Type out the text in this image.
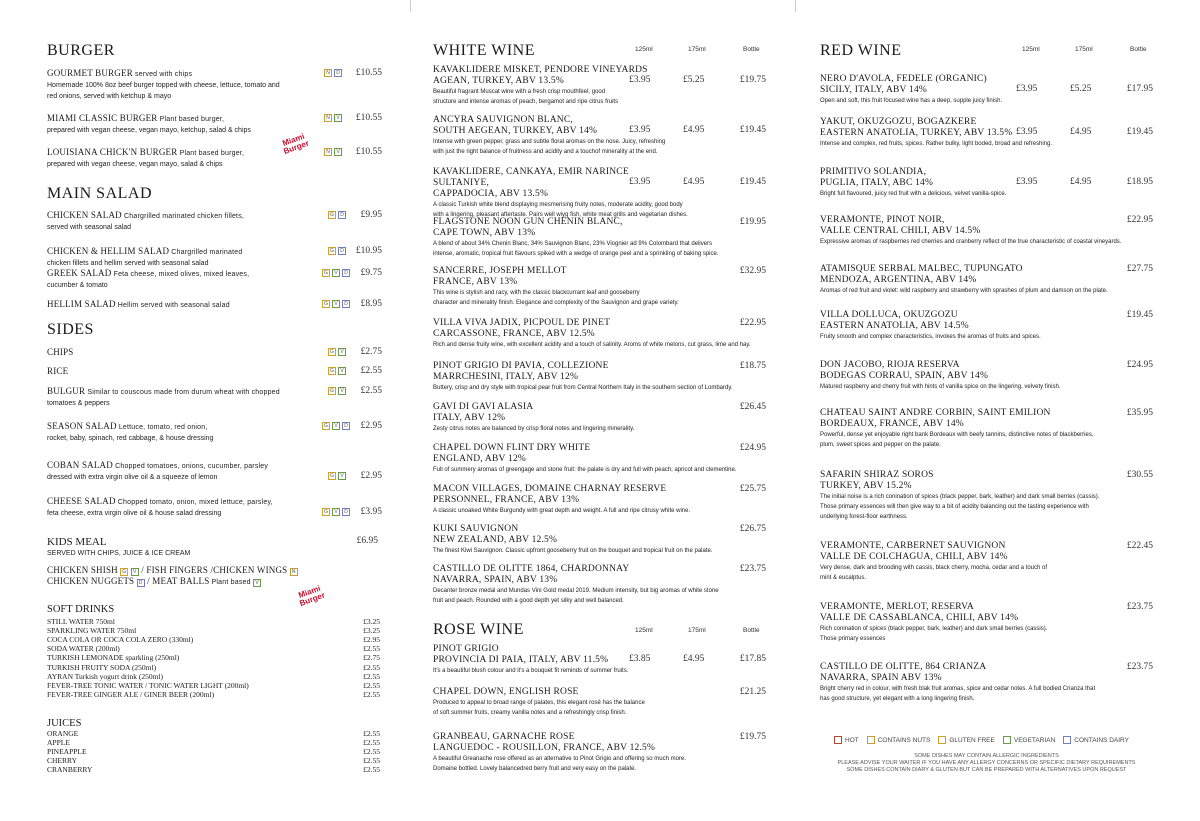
BURGER
GOURMET BURGER served with chips
Homemade 100% 8oz beef burger topped with cheese, lettuce, tomato and red onions, served with ketchup & mayo
N	D £10.55
MIAMI CLASSIC BURGER Plant based burger,
prepared with vegan cheese, vegan mayo, ketchup, salad & chips
N	V £10.55
LOUISIANA CHICK'N BURGER Plant based burger,
prepared with vegan cheese, vegan mayo, salad & chips
N	V £10.55
Miami Burger
MAIN SALAD
CHICKEN SALAD Chargrilled marinated chicken fillets,
served with seasonal salad
G	D £9.95
CHICKEN & HELLIM SALAD Chargrilled marinated
chicken fillets and hellim served with seasonal salad
G	D £10.95
GREEK SALAD Feta cheese, mixed olives, mixed leaves,
cucumber & tomato
G	V	D £9.75
HELLIM SALAD Hellim served with seasonal salad	G	V	D £8.95
SIDES
CHIPS	G	V £2.75
RICE	G	V £2.55
BULGUR Similar to couscous made from durum wheat with chopped
tomatoes & peppers
G	V £2.55
SEASON SALAD Lettuce, tomato, red onion,
rocket, baby, spinach, red cabbage, & house dressing
G	V	D £2.95
COBAN SALAD Chopped tomatoes, onions, cucumber, parsley
dressed with extra virgin olive oil & a squeeze of lemon	G	V £2.95
CHEESE SALAD Chopped tomato, onion, mixed lettuce, parsley,
feta cheese, extra virgin olive oil & house salad dressing	G	V	D £3.95
KIDS MEAL
SERVED WITH CHIPS, JUICE & ICE CREAM
£6.95
CHICKEN SHISH G V / FISH FINGERS /CHICKEN WINGS N
CHICKEN NUGGETS D / MEAT BALLS Plant based V
Miami Burger
SOFT DRINKS
STILL WATER 750ml	£3.25
SPARKLING WATER 750ml	£3.25
COCA COLA OR COCA COLA ZERO (330ml)	£2.95
SODA WATER (200ml)	£2.55
TURKISH LEMONADE sparkling (250ml)	£2.75
TURKISH FRUITY SODA (250ml)	£2.55
AYRAN Turkish yogurt drink (250ml)	£2.55
FEVER-TREE TONIC WATER / TONIC WATER LIGHT (200ml)	£2.55
FEVER-TREE GINGER ALE / GINER BEER (200ml)	£2.55
JUICES
ORANGE	£2.55
APPLE	£2.55
PINEAPPLE	£2.55
CHERRY	£2.55
CRANBERRY	£2.55
WHITE WINE	125ml	175ml	Bottle
KAVAKLIDERE MISKET, PENDORE VINEYARDS
AGEAN, TURKEY, ABV 13.5%
Beautiful fragrant Muscat wine with a fresh crisp mouthfeel, good
structure and intense aromas of peach, bergamot and ripe citrus fruits
£3.95	£5.25	£19.75
ANCYRA SAUVIGNON BLANC,
SOUTH AEGEAN, TURKEY, ABV 14%
Intense with green pepper, grass and subtle floral aromas on the nose. Juicy, refreshing
with just the right balance of fruitness and acidity and a touchof minerality at the end.
£3.95	£4.95	£19.45
KAVAKLIDERE, CANKAYA, EMIR NARINCE SULTANIYE,
CAPPADOCIA, ABV 13.5%
A classic Turkish white blend displaying mesmerising fruity notes, moderate acidity, good body
with a lingering, pleasant aftertaste. Pairs well wiyg fish, white meat grills and vegetarian dishes.
£3.95	£4.95	£19.45
FLAGSTONE NOON GUN CHENIN BLANC,
CAPE TOWN, ABV 13%
A blend of about 34% Chenin Blanc, 34% Sauvignon Blanc, 23% Viognier ad 9% Colombard that delivers
intense, aromatic, tropical fruit flavours spiked with a wedge of orange peel and a sprinkling of baking spice.
£19.95
SANCERRE, JOSEPH MELLOT
FRANCE, ABV 13%
This wine is stylish and racy, with the classic blackcurrant leaf and gooseberry
character and minerality finish. Elegance and complexity of the Sauvignon and grape variety.
£32.95
VILLA VIVA JADIX, PICPOUL DE PINET
CARCASSONE, FRANCE, ABV 12.5%
Rich and dense fruity wine, with excellent acidity and a touch of salinity. Aroms of white melons, cut grass, lime and hay.
£22.95
PINOT GRIGIO DI PAVIA, COLLEZIONE
MARRCHESINI, ITALY, ABV 12%
Buttery, crisp and dry style with tropical pear fruit from Central Northern Italy in the southern section of Lombardy.
£18.75
GAVI DI GAVI ALASIA
ITALY, ABV 12%
Zesty citrus notes are balanced by crisp floral notes and lingering minerality.
£26.45
CHAPEL DOWN FLINT DRY WHITE
ENGLAND, ABV 12%
Full of summery aromas of greengage and stone fruit: the palate is dry and full with peach, apricot and clementine.
£24.95
MACON VILLAGES, DOMAINE CHARNAY RESERVE
PERSONNEL, FRANCE, ABV 13%
A classic unoaked White Burgundy with great depth and weight. A full and ripe citrusy white wine.
£25.75
KUKI SAUVIGNON
NEW ZEALAND, ABV 12.5%
The finest Kiwi Sauvignon. Classic upfront gooseberry fruit on the bouquet and tropical fruit on the palate.
£26.75
CASTILLO DE OLITTE 1864, CHARDONNAY
NAVARRA, SPAIN, ABV 13%
Decanter bronze medal and Mundas Vini Gold medal 2019. Medium intensity, but big aromas of white stone
fruit and peach. Rounded with a good depth yet silky and well balanced.
£23.75
ROSE WINE	125ml	175ml	Bottle
PINOT GRIGIO
PROVINCIA DI PAIA, ITALY, ABV 11.5%
It's a beautiful blush colour and it's a bouquet fit reminds of summer fruits.
£3.85	£4.95	£17.85
CHAPEL DOWN, ENGLISH ROSE
Produced to appeal to broad range of palates, this elegant rosé has the balance
of soft summer fruits, creamy vanilla notes and a refreshingly crisp finish.
£21.25
GRANBEAU, GARNACHE ROSE
LANGUEDOC - ROUSILLON, FRANCE, ABV 12.5%
A beautiful Greanache rose offered as an alternative to Pinot Grigio and offering so much more.
Domaine bottled. Lovely balancedred berry fruit and very easy on the palate.
£19.75
RED WINE	125ml	175ml	Bottle
NERO D'AVOLA, FEDELE (ORGANIC)
SICILY, ITALY, ABV 14%
Open and soft, this fruit focused wine has a deep, supple juicy finish.
£3.95	£5.25	£17.95
YAKUT, OKUZGOZU, BOGAZKERE
EASTERN ANATOLIA, TURKEY, ABV 13.5%
Intense and complex, red fruits, spices. Rather bulky, light boded, broad and refreshing.
£3.95	£4.95	£19.45
PRIMITIVO SOLANDIA,
PUGLIA, ITALY, ABC 14%
Bright full flavoured, juicy red fruit with a delicious, velvet vanilla-spice.
£3.95	£4.95	£18.95
VERAMONTE, PINOT NOIR,
VALLE CENTRAL CHILI, ABV 14.5%
Expressive aromas of raspberries red cherries and cranberry reflect of the true characteristic of coastal vineyards.
£22.95
ATAMISQUE SERBAL MALBEC, TUPUNGATO
MENDOZA, ARGENTINA, ABV 14%
Aromas of red fruit and violet: wild raspberry and strawberry with sprashes of plum and damson on the plate.
£27.75
VILLA DOLLUCA, OKUZGOZU
EASTERN ANATOLIA, ABV 14.5%
Fruity smooth and complex characteristics, invokes the aromas of fruits and spices.
£19.45
DON JACOBO, RIOJA RESERVA
BODEGAS CORRAU, SPAIN, ABV 14%
Matured raspberry and cherry fruit with hints of vanilla spice on the lingering, velvety finish.
£24.95
CHATEAU SAINT ANDRE CORBIN, SAINT EMILION
BORDEAUX, FRANCE, ABV 14%
Powerful, dense yet enjoyable right bank Bordeaux with beefy tannins, distinctive notes of blackberries,
plum, sweet spices and pepper on the palate.
£35.95
SAFARIN SHIRAZ SOROS
TURKEY, ABV 15.2%
The initial noise is a rich conination of spices (black pepper, bark, leather) and dark small berries (cassis).
Those primary essences will then give way to a bit of acidity balancing out the tasting experience with
underlying forest-floor earthness.
£30.55
VERAMONTE, CARBERNET SAUVIGNON
VALLE DE COLCHAGUA, CHILI, ABV 14%
Very dense, dark and brooding with cassis, black cherry, mocha, cedar and a touch of
mint & eucalptus.
£22.45
VERAMONTE, MERLOT, RESERVA
VALLE DE CASSABLANCA, CHILI, ABV 14%
Rich conination of spices (black pepper, bark, leather) and dark small berries (cassis).
Those primary essences
£23.75
CASTILLO DE OLITTE, 864 CRIANZA
NAVARRA, SPAIN ABV 13%
Bright cherry red in colour, with fresh blak fruit aromas, spice and cedar notes. A full bodied Crianza that
has good structure, yet elegant with a long lingering finish.
£23.75
HOT	CONTAINS NUTS	GLUTEN FREE	VEGETARIAN	CONTAINS DAIRY
SOME DISHES MAY CONTAIN ALLERGIC INGREDIENTS
PLEASE ADVISE YOUR WAITER IF YOU HAVE ANY ALLERGY CONCERNS OR SPECIFIC DIETARY REQUIREMENTS
SOME DISHES CONTAIN DIARY & GLUTEN BUT CAN BE PREPARED WITH ALTERNATIVES UPON REQUEST
